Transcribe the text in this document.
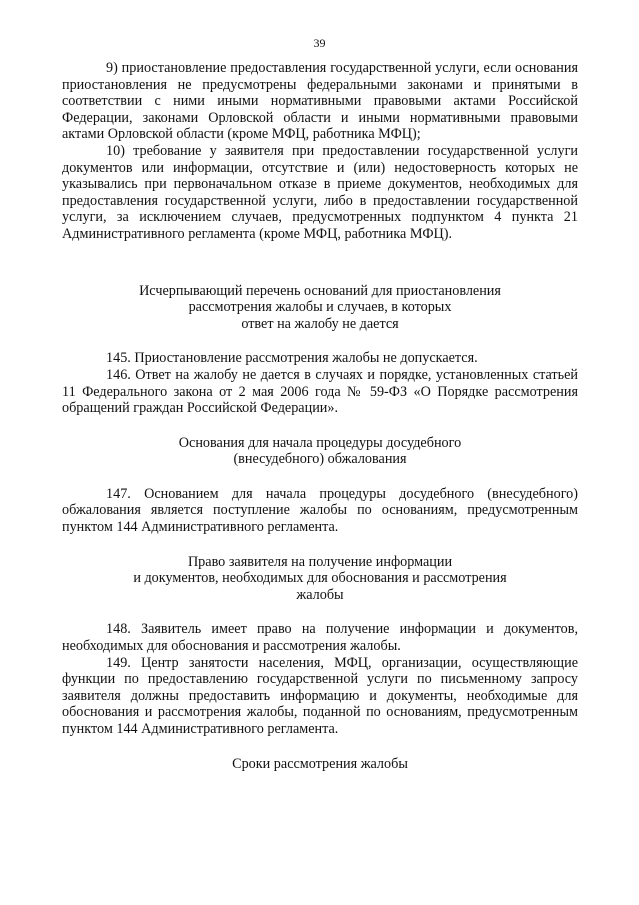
39

9) приостановление предоставления государственной услуги, если основания приостановления не предусмотрены федеральными законами и принятыми в соответствии с ними иными нормативными правовыми актами Российской Федерации, законами Орловской области и иными нормативными правовыми актами Орловской области (кроме МФЦ, работника МФЦ);

10) требование у заявителя при предоставлении государственной услуги документов или информации, отсутствие и (или) недостоверность которых не указывались при первоначальном отказе в приеме документов, необходимых для предоставления государственной услуги, либо в предоставлении государственной услуги, за исключением случаев, предусмотренных подпунктом 4 пункта 21 Административного регламента (кроме МФЦ, работника МФЦ).

Исчерпывающий перечень оснований для приостановления
рассмотрения жалобы и случаев, в которых
ответ на жалобу не дается

145. Приостановление рассмотрения жалобы не допускается.

146. Ответ на жалобу не дается в случаях и порядке, установленных статьей 11 Федерального закона от 2 мая 2006 года № 59-ФЗ «О Порядке рассмотрения обращений граждан Российской Федерации».

Основания для начала процедуры досудебного
(внесудебного) обжалования

147. Основанием для начала процедуры досудебного (внесудебного) обжалования является поступление жалобы по основаниям, предусмотренным пунктом 144 Административного регламента.

Право заявителя на получение информации
и документов, необходимых для обоснования и рассмотрения
жалобы

148. Заявитель имеет право на получение информации и документов, необходимых для обоснования и рассмотрения жалобы.

149. Центр занятости населения, МФЦ, организации, осуществляющие функции по предоставлению государственной услуги по письменному запросу заявителя должны предоставить информацию и документы, необходимые для обоснования и рассмотрения жалобы, поданной по основаниям, предусмотренным пунктом 144 Административного регламента.

Сроки рассмотрения жалобы
